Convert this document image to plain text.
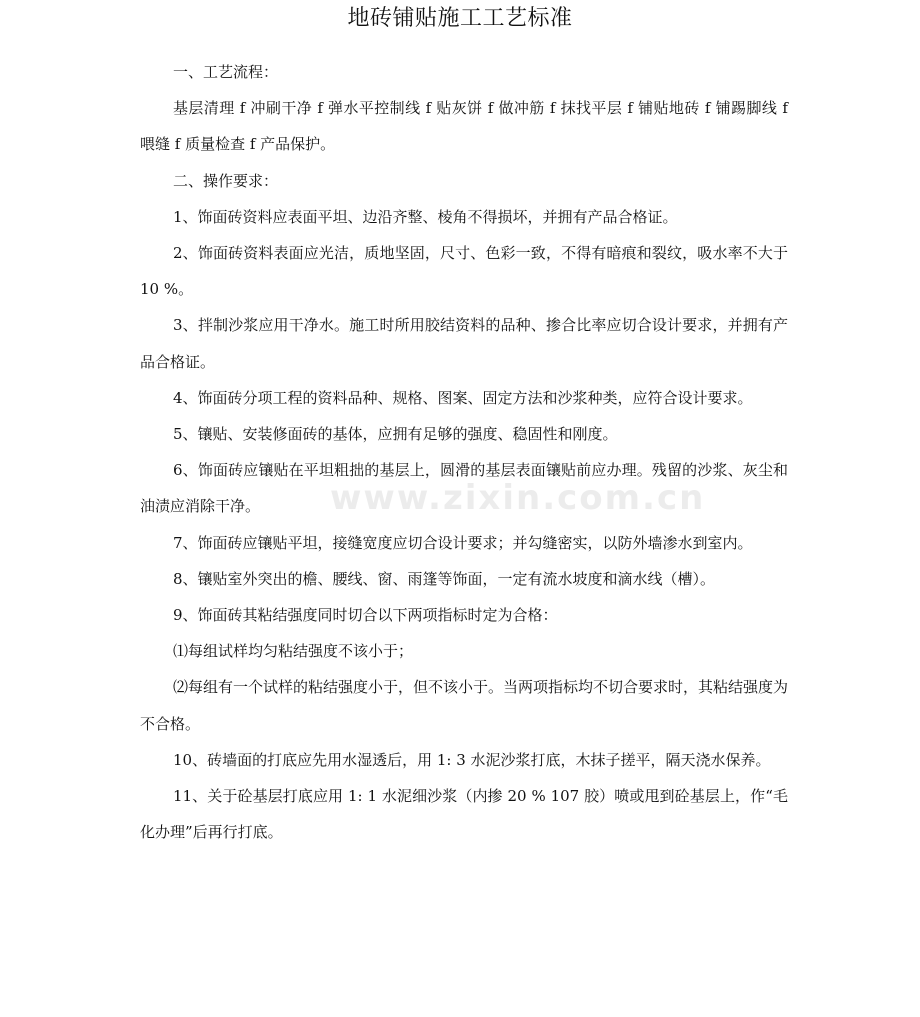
地砖铺贴施工工艺标准
www.zixin.com.cn

一、工艺流程：

基层清理 f 冲刷干净 f 弹水平控制线 f 贴灰饼 f 做冲筋 f 抹找平层 f 铺贴地砖 f 铺踢脚线 f 喂缝 f 质量检查 f 产品保护。

二、操作要求：

1、饰面砖资料应表面平坦、边沿齐整、棱角不得损坏，并拥有产品合格证。

2、饰面砖资料表面应光洁，质地坚固，尺寸、色彩一致，不得有暗痕和裂纹，吸水率不大于 10 %。

3、拌制沙浆应用干净水。施工时所用胶结资料的品种、掺合比率应切合设计要求，并拥有产品合格证。

4、饰面砖分项工程的资料品种、规格、图案、固定方法和沙浆种类，应符合设计要求。

5、镶贴、安装修面砖的基体，应拥有足够的强度、稳固性和刚度。

6、饰面砖应镶贴在平坦粗拙的基层上，圆滑的基层表面镶贴前应办理。残留的沙浆、灰尘和油渍应消除干净。

7、饰面砖应镶贴平坦，接缝宽度应切合设计要求；并勾缝密实，以防外墙渗水到室内。

8、镶贴室外突出的檐、腰线、窗、雨篷等饰面，一定有流水坡度和滴水线（槽）。

9、饰面砖其粘结强度同时切合以下两项指标时定为合格：

⑴每组试样均匀粘结强度不该小于；

⑵每组有一个试样的粘结强度小于，但不该小于。当两项指标均不切合要求时，其粘结强度为不合格。

10、砖墙面的打底应先用水湿透后，用 1: 3 水泥沙浆打底，木抹子搓平，隔天浇水保养。

11、关于砼基层打底应用 1: 1 水泥细沙浆（内掺 20 % 107 胶）喷或甩到砼基层上，作“毛化办理”后再行打底。
